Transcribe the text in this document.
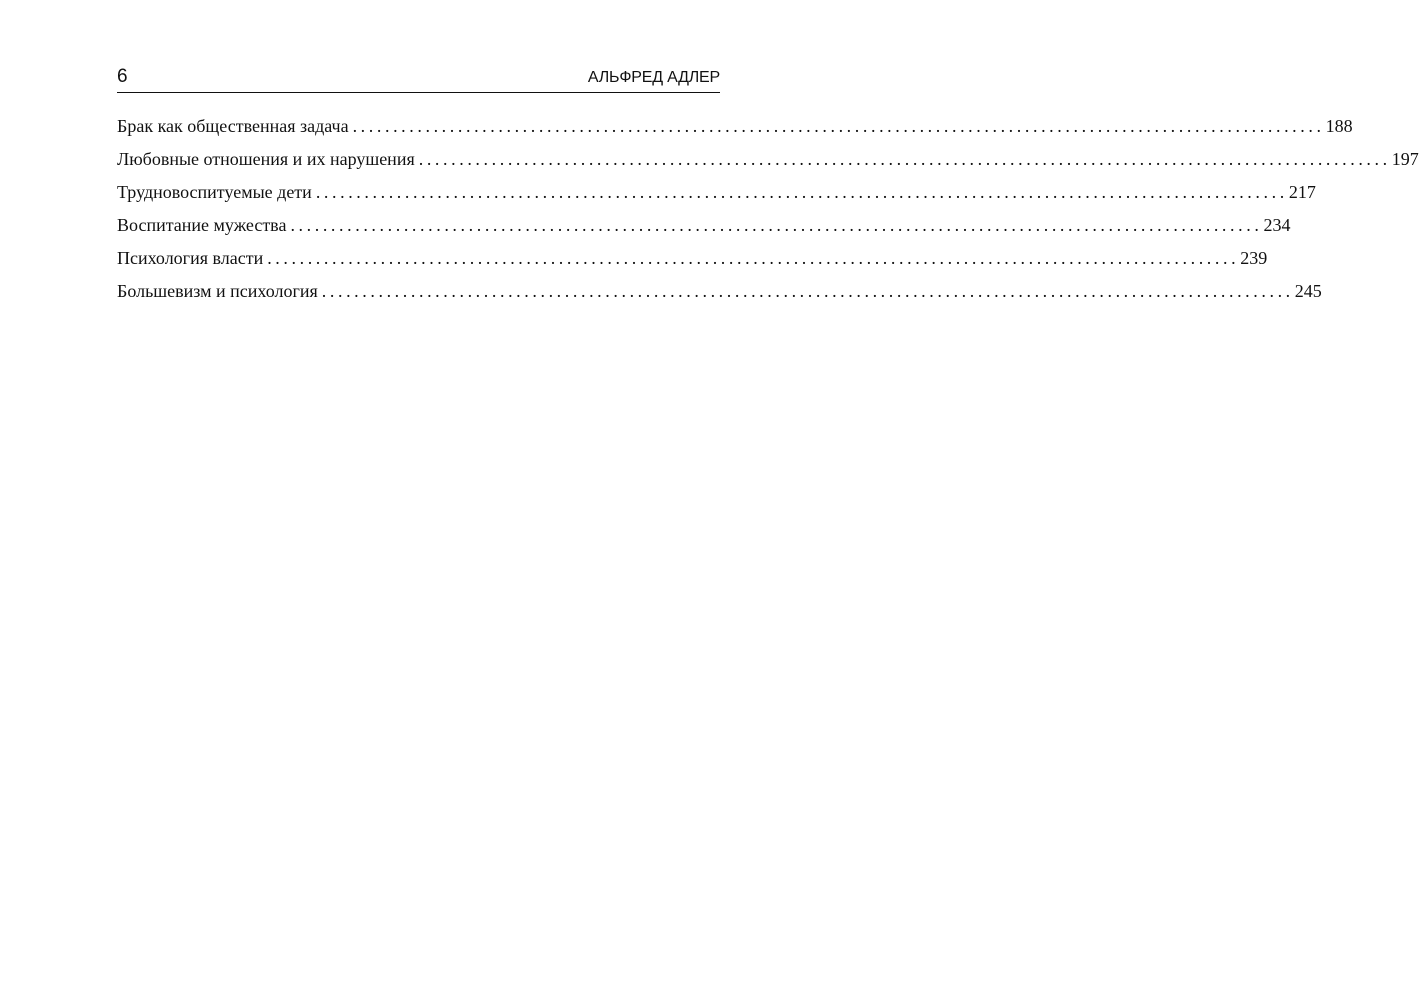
6	АЛЬФРЕД АДЛЕР
Брак как общественная задача ........................................................................................................................ 188
Любовные отношения и их нарушения ........................................................................................................................ 197
Трудновоспитуемые дети ........................................................................................................................ 217
Воспитание мужества ........................................................................................................................ 234
Психология власти ........................................................................................................................ 239
Большевизм и психология ........................................................................................................................ 245
